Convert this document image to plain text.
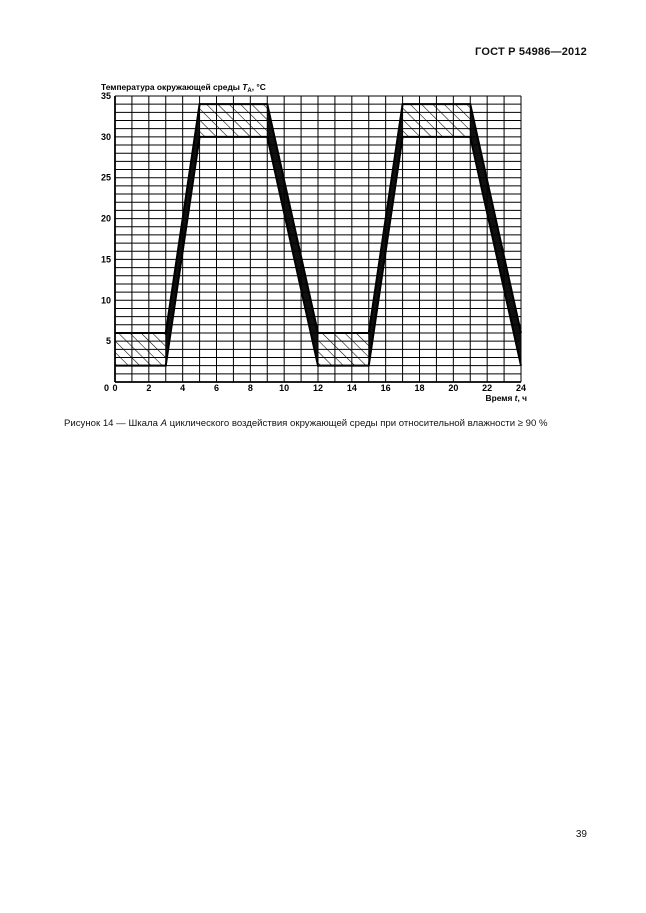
ГОСТ Р 54986—2012
0	2	4	6	8	10	12	14	16	18	20	22	24
5
10
15
20
25
30
35
0
Температура окружающей среды $T_A$, °C
Время t, ч
Рисунок 14 — Шкала A циклического воздействия окружающей среды при относительной влажности ≥ 90 %
39
